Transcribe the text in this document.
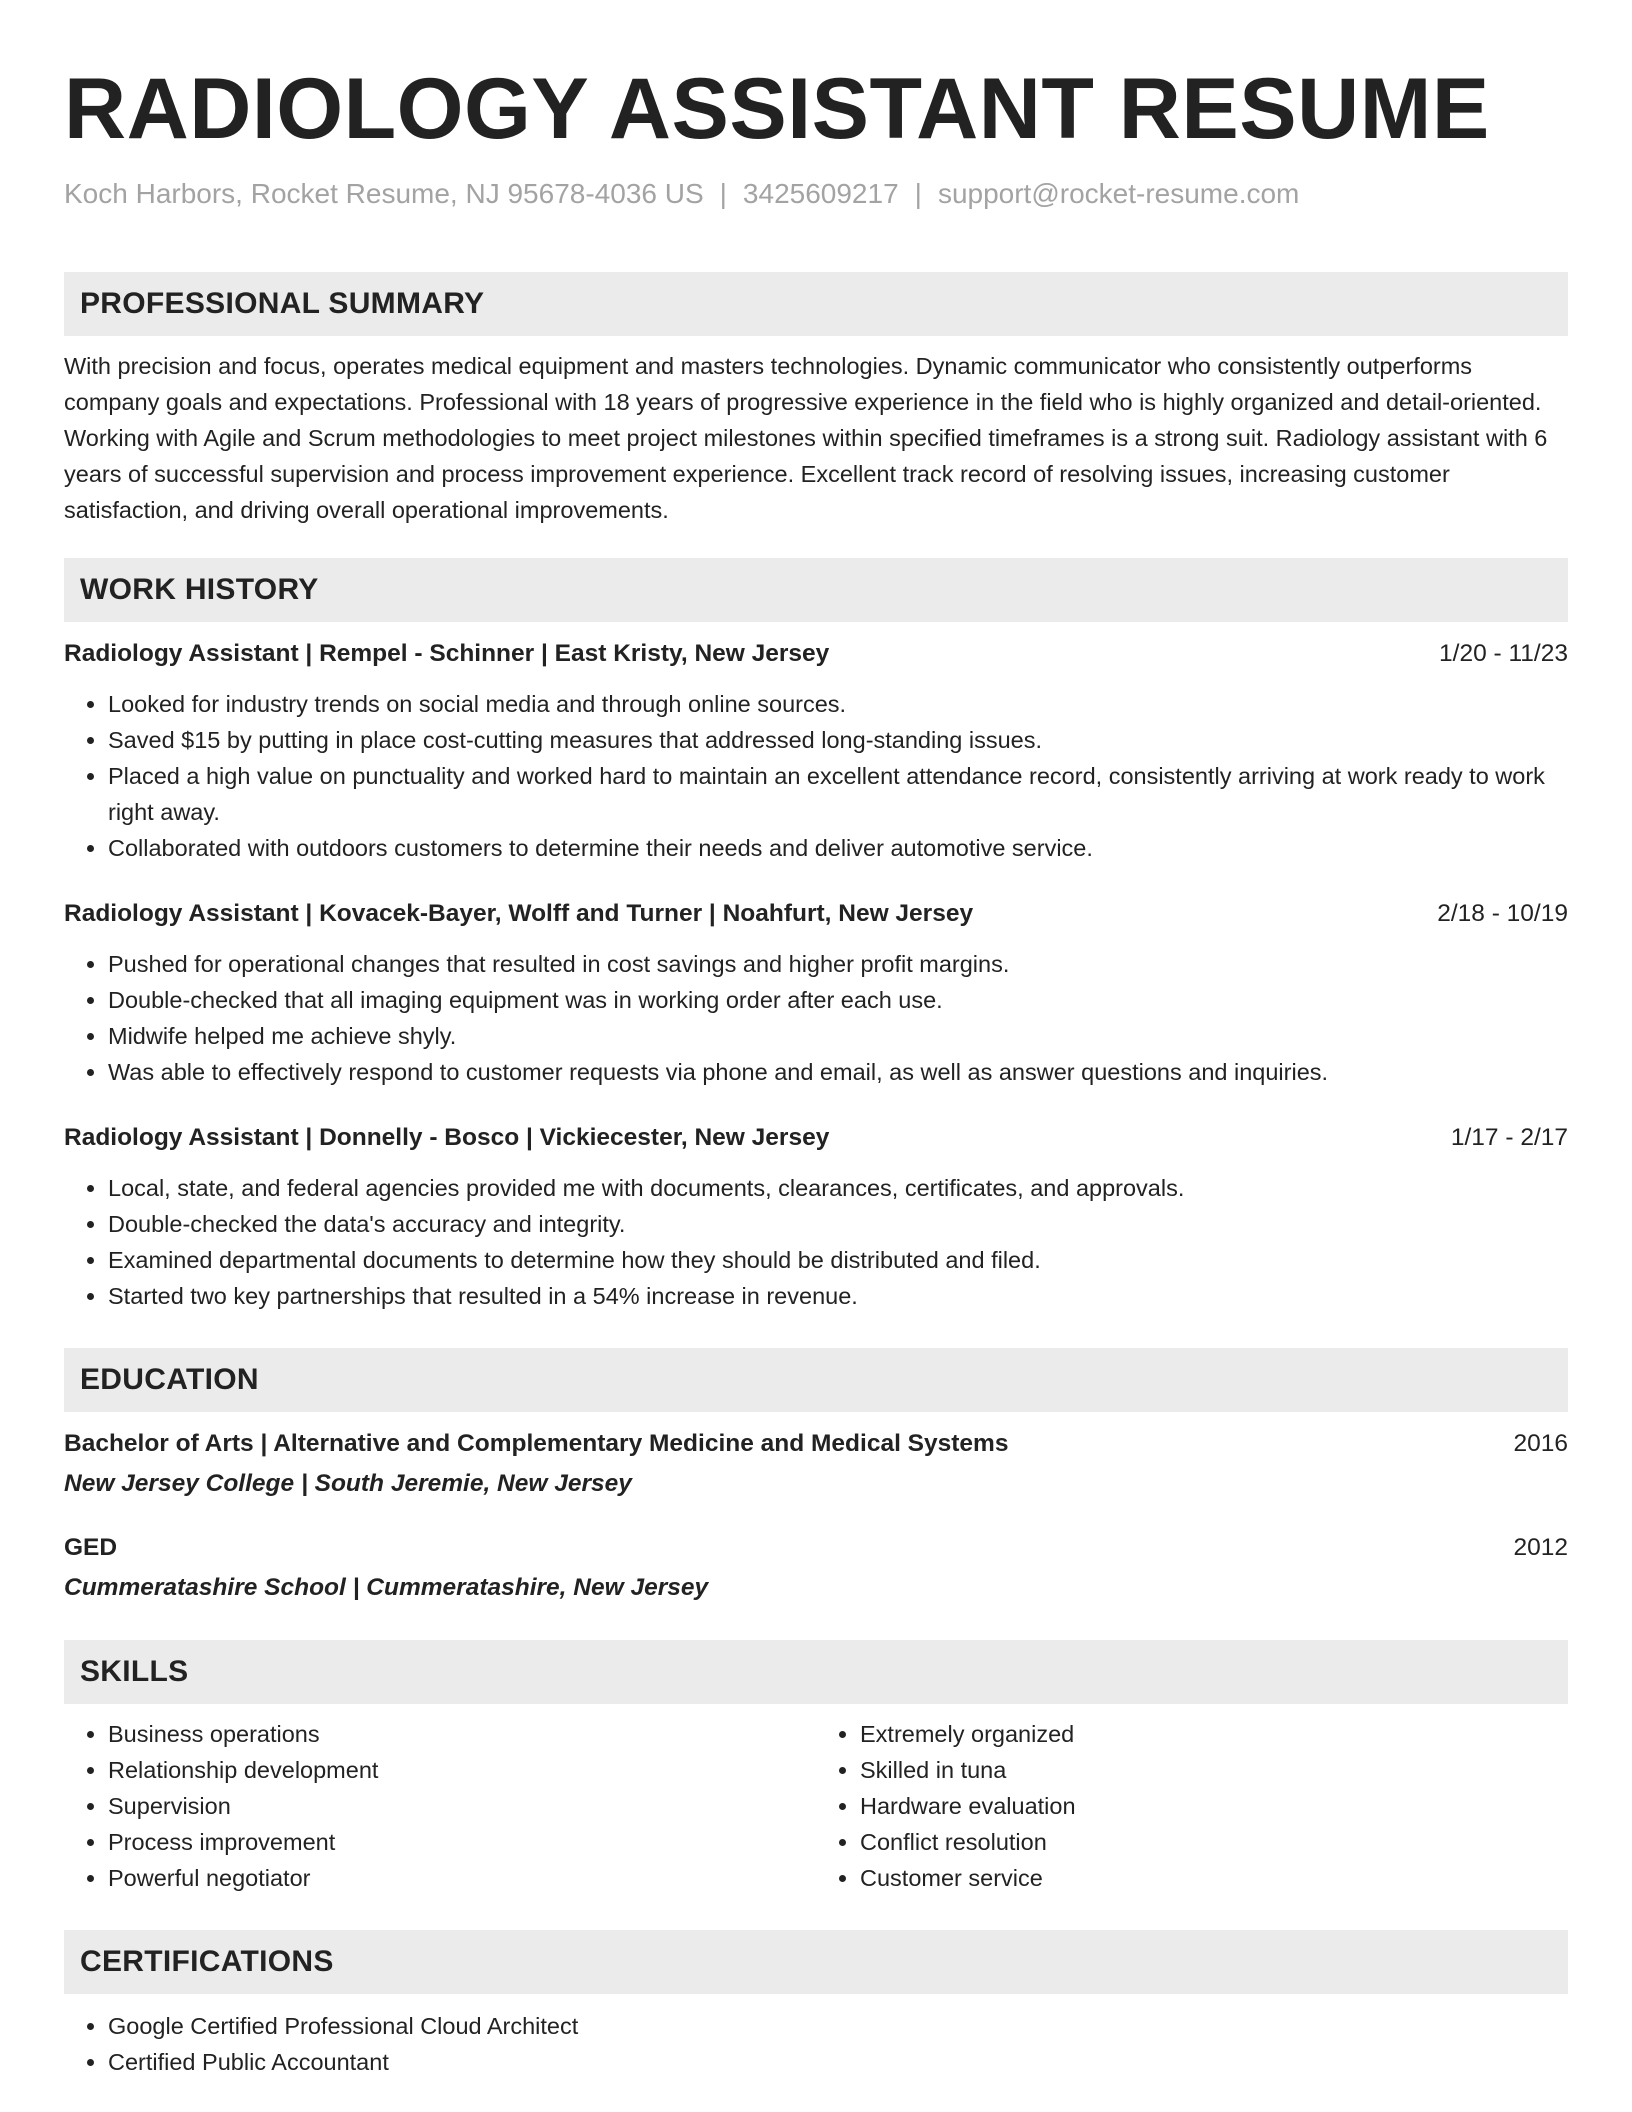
RADIOLOGY ASSISTANT RESUME
Koch Harbors, Rocket Resume, NJ 95678-4036 US | 3425609217 | support@rocket-resume.com
PROFESSIONAL SUMMARY

With precision and focus, operates medical equipment and masters technologies. Dynamic communicator who consistently outperforms company goals and expectations. Professional with 18 years of progressive experience in the field who is highly organized and detail-oriented. Working with Agile and Scrum methodologies to meet project milestones within specified timeframes is a strong suit. Radiology assistant with 6 years of successful supervision and process improvement experience. Excellent track record of resolving issues, increasing customer satisfaction, and driving overall operational improvements.

WORK HISTORY
Radiology Assistant | Rempel - Schinner | East Kristy, New Jersey	1/20 - 11/23
• Looked for industry trends on social media and through online sources.
• Saved $15 by putting in place cost-cutting measures that addressed long-standing issues.
• Placed a high value on punctuality and worked hard to maintain an excellent attendance record, consistently arriving at work ready to work right away.
• Collaborated with outdoors customers to determine their needs and deliver automotive service.
Radiology Assistant | Kovacek-Bayer, Wolff and Turner | Noahfurt, New Jersey	2/18 - 10/19
• Pushed for operational changes that resulted in cost savings and higher profit margins.
• Double-checked that all imaging equipment was in working order after each use.
• Midwife helped me achieve shyly.
• Was able to effectively respond to customer requests via phone and email, as well as answer questions and inquiries.
Radiology Assistant | Donnelly - Bosco | Vickiecester, New Jersey	1/17 - 2/17
• Local, state, and federal agencies provided me with documents, clearances, certificates, and approvals.
• Double-checked the data's accuracy and integrity.
• Examined departmental documents to determine how they should be distributed and filed.
• Started two key partnerships that resulted in a 54% increase in revenue.
EDUCATION
Bachelor of Arts | Alternative and Complementary Medicine and Medical Systems	2016
New Jersey College | South Jeremie, New Jersey
GED	2012
Cummeratashire School | Cummeratashire, New Jersey
SKILLS
• Business operations
• Relationship development
• Supervision
• Process improvement
• Powerful negotiator
• Extremely organized
• Skilled in tuna
• Hardware evaluation
• Conflict resolution
• Customer service
CERTIFICATIONS
• Google Certified Professional Cloud Architect
• Certified Public Accountant
